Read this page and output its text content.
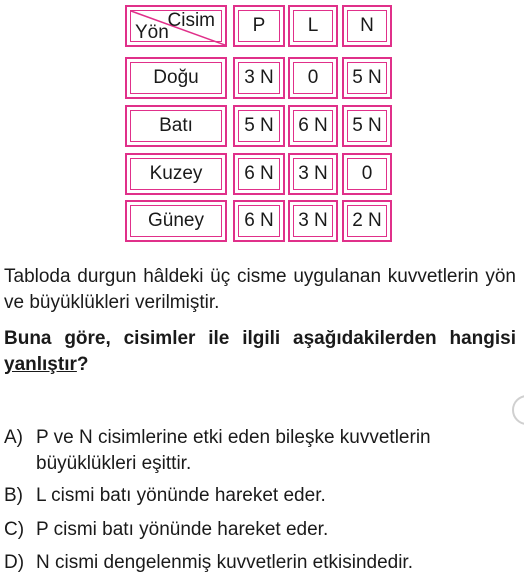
Cisim
Yön	P L N
Doğu 3 N 0 5 N
Batı	5 N 6 N 5 N
Kuzey 6 N 3 N 0
Güney 6 N 3 N 2 N
Tabloda durgun hâldeki üç cisme uygulanan kuvvetlerin yön ve büyüklükleri verilmiştir.
Buna göre, cisimler ile ilgili aşağıdakilerden hangisi yanlıştır?
A) P ve N cisimlerine etki eden bileşke kuvvetlerin
büyüklükleri eşittir.
B) L cismi batı yönünde hareket eder.
C) P cismi batı yönünde hareket eder.
D) N cismi dengelenmiş kuvvetlerin etkisindedir.
